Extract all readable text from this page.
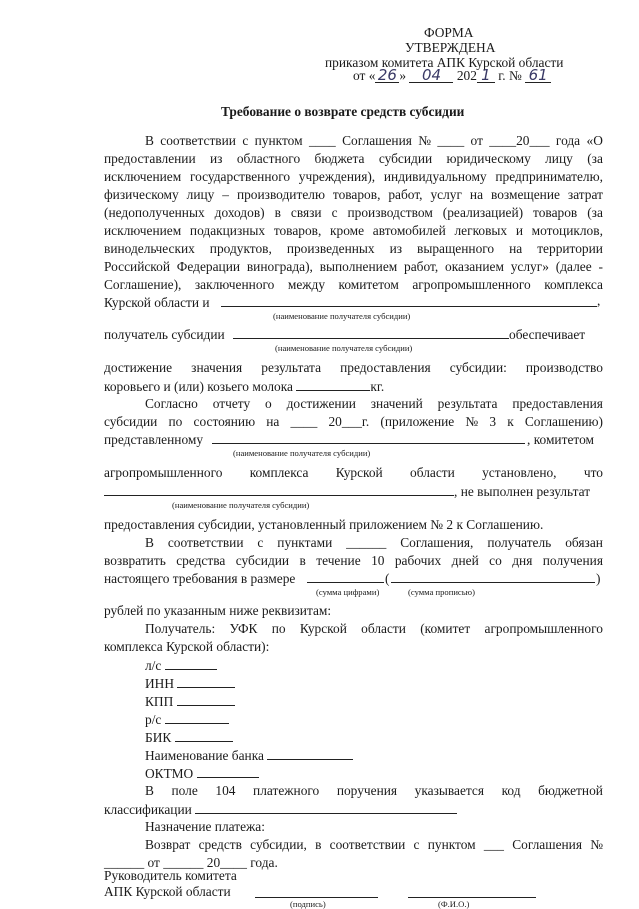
ФОРМА
УТВЕРЖДЕНА
приказом комитета АПК Курской области
от « 26 » 04 202 1 г. № 61
Требование о возврате средств субсидии
В соответствии с пунктом ____ Соглашения № ____ от ____20___ года «О
предоставлении из областного бюджета субсидии юридическому лицу (за
исключением государственного учреждения), индивидуальному предпринимателю,
физическому лицу – производителю товаров, работ, услуг на возмещение затрат
(недополученных доходов) в связи с производством (реализацией) товаров (за
исключением подакцизных товаров, кроме автомобилей легковых и мотоциклов,
винодельческих продуктов, произведенных из выращенного на территории
Российской Федерации винограда), выполнением работ, оказанием услуг» (далее -
Соглашение), заключенного между комитетом агропромышленного комплекса
Курской области и	,
(наименование получателя субсидии)
получатель субсидии	обеспечивает
(наименование получателя субсидии)
достижение значения результата предоставления субсидии: производство
коровьего и (или) козьего молока	кг.
Согласно отчету о достижении значений результата предоставления
субсидии по состоянию на ____ 20___г. (приложение № 3 к Соглашению)
представленному	, комитетом
(наименование получателя субсидии)
агропромышленного комплекса Курской области установлено, что
, не выполнен результат
(наименование получателя субсидии)
предоставления субсидии, установленный приложением № 2 к Соглашению.
В соответствии с пунктами ______ Соглашения, получатель обязан
возвратить средства субсидии в течение 10 рабочих дней со дня получения
настоящего требования в размере	(	)
(сумма цифрами)	(сумма прописью)
рублей по указанным ниже реквизитам:
Получатель: УФК по Курской области (комитет агропромышленного
комплекса Курской области):
л/с
ИНН
КПП
р/с
БИК
Наименование банка
ОКТМО
В поле 104 платежного поручения указывается код бюджетной
классификации
Назначение платежа:
Возврат средств субсидии, в соответствии с пунктом ___ Соглашения №
______ от ______ 20____ года.
Руководитель комитета
АПК Курской области
(подпись)	(Ф.И.О.)
